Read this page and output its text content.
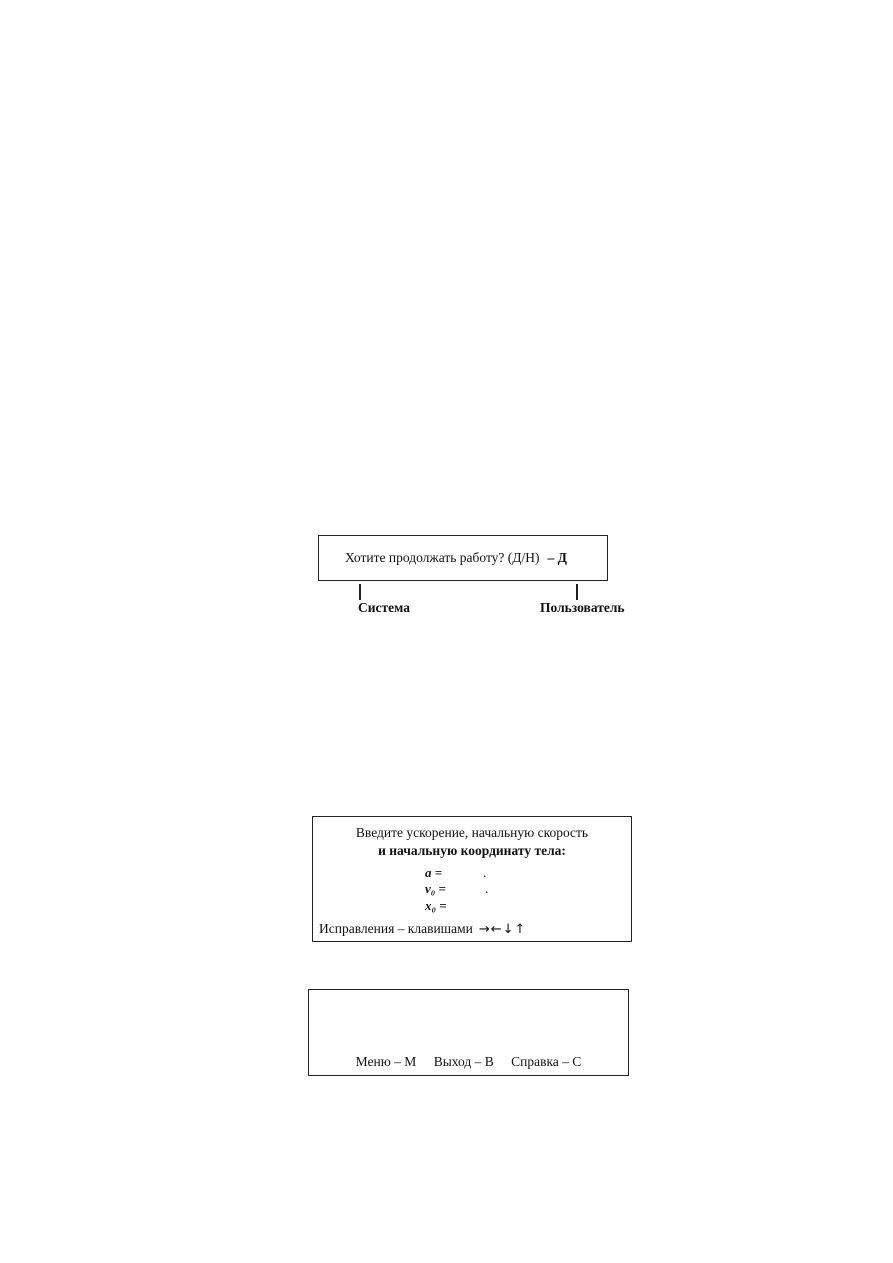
Хотите продолжать работу? (Д/Н) – Д
Система	Пользователь
Введите ускорение, начальную скорость
и начальную координату тела:
a =	.
v₀ =	.
x₀ =
Исправления – клавишами →←↓↑
Меню – М Выход – В Справка – С
